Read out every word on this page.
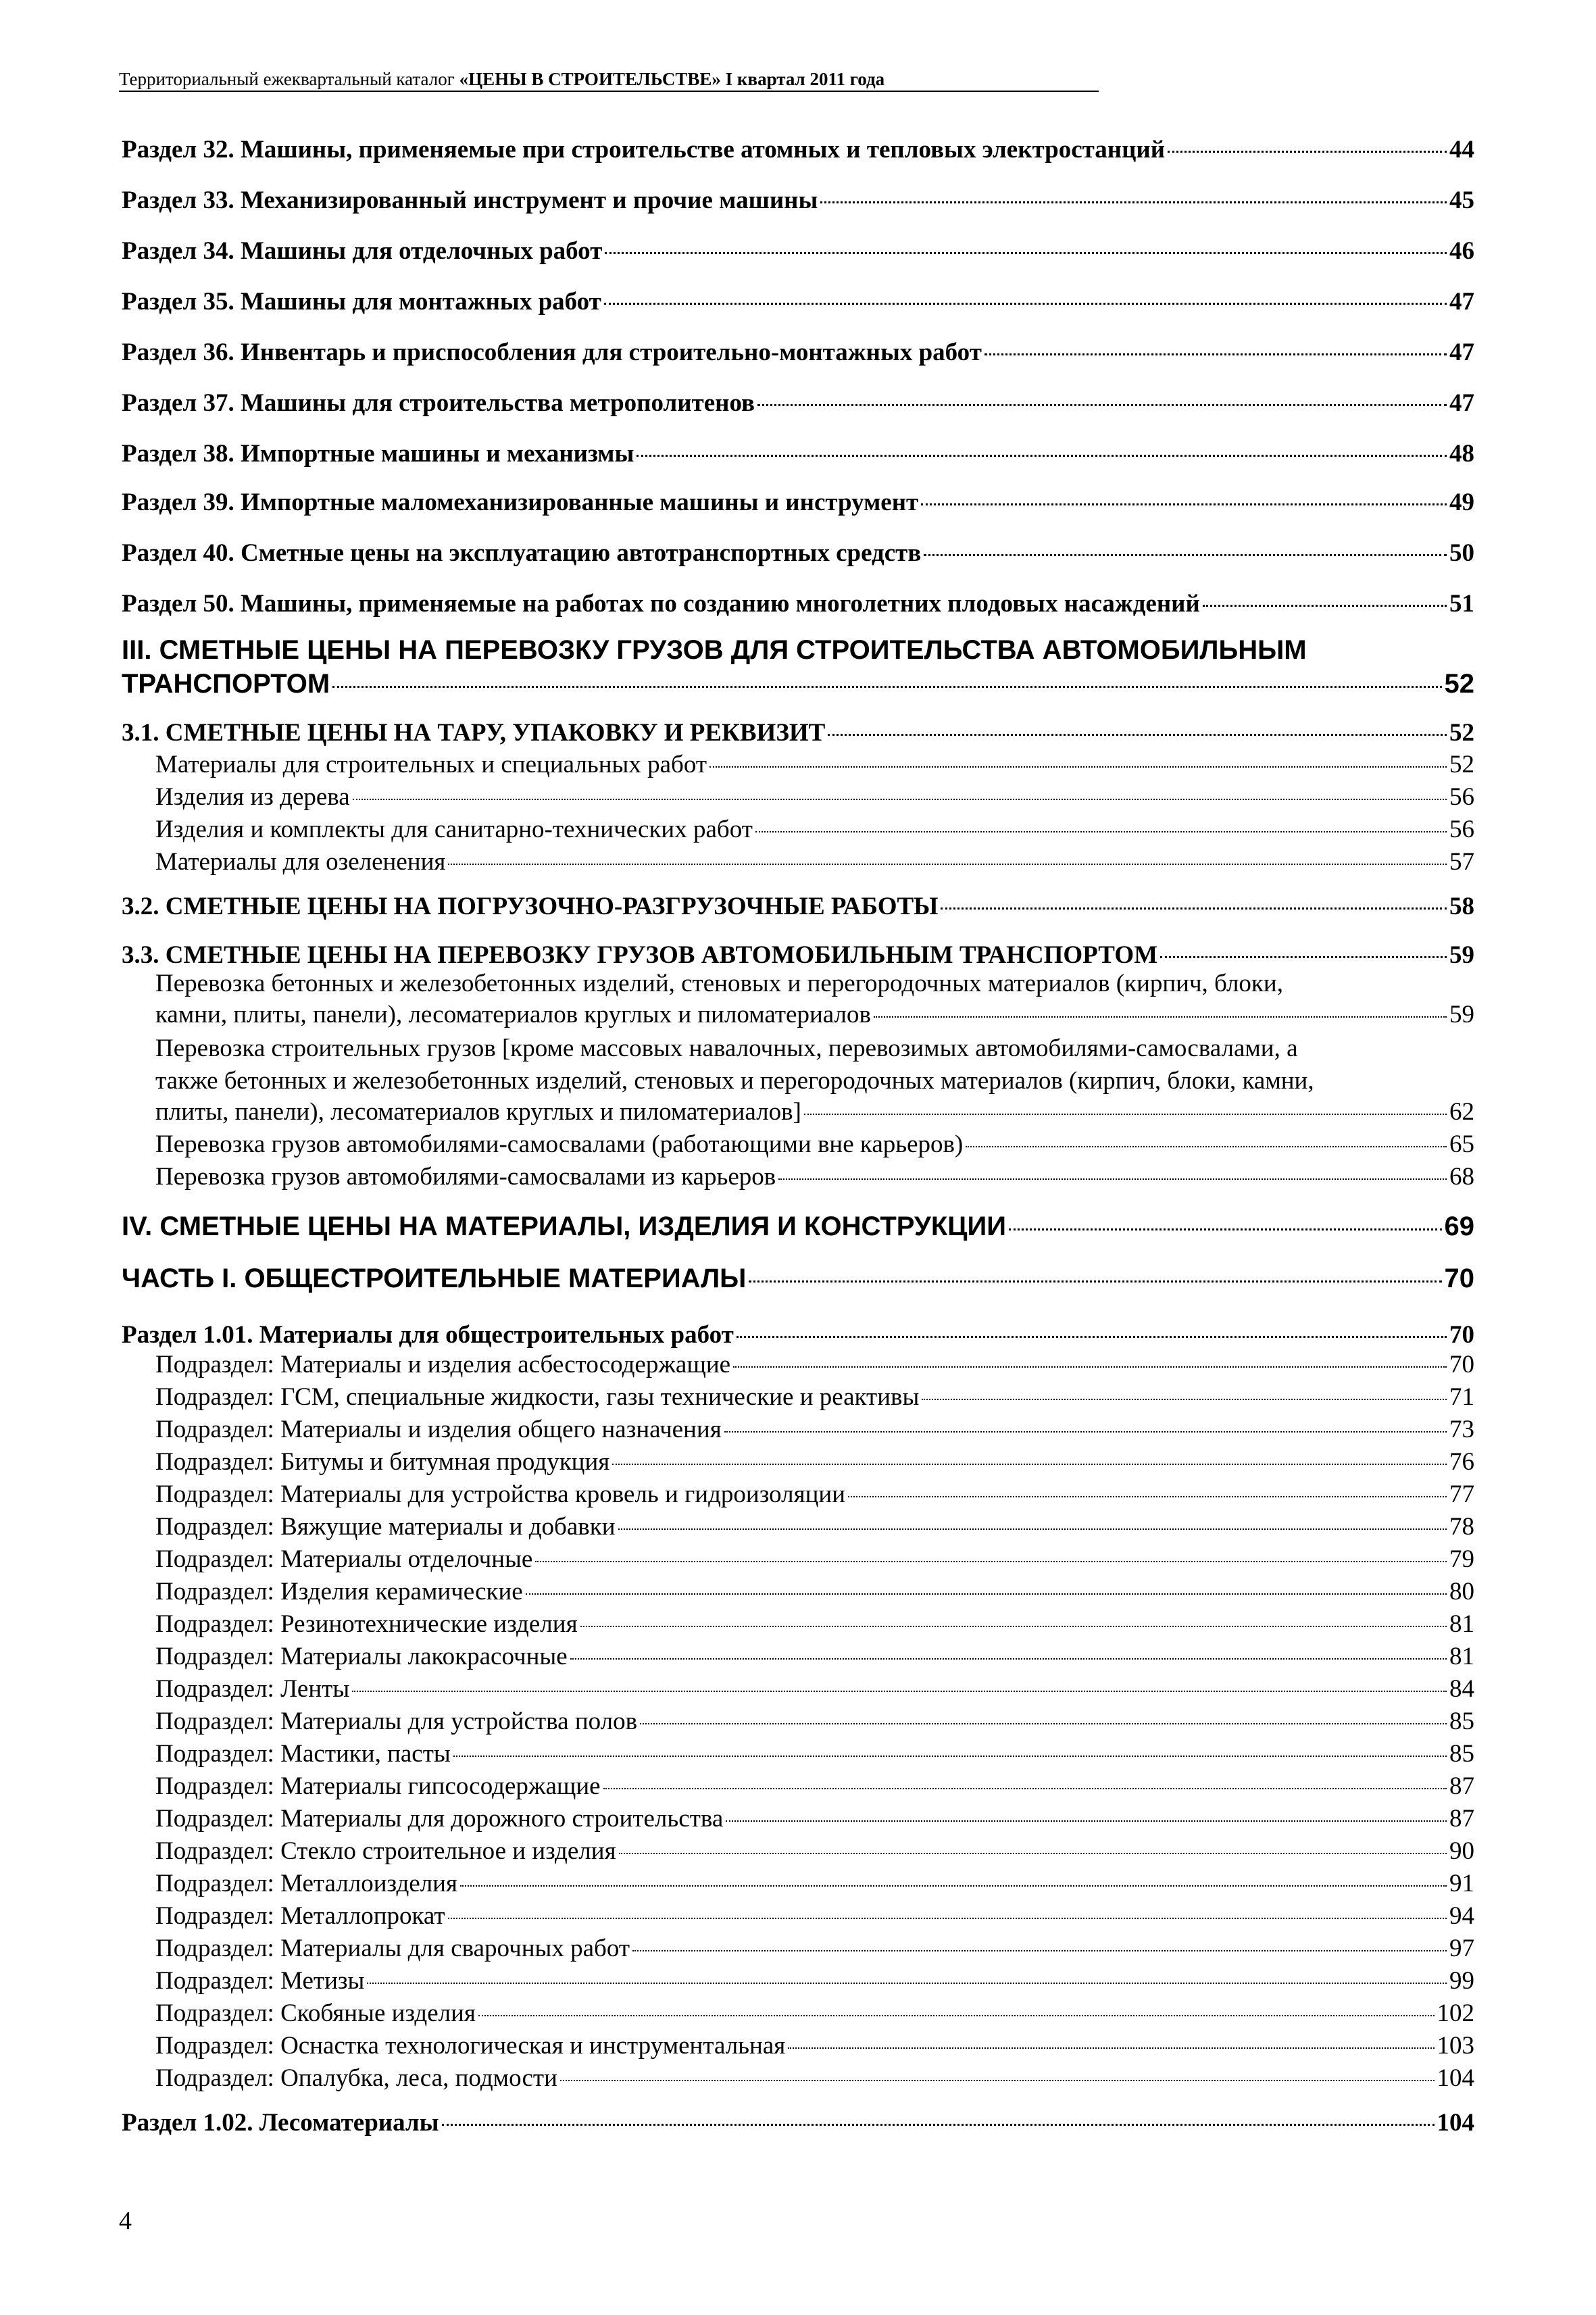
Территориальный ежеквартальный каталог «ЦЕНЫ В СТРОИТЕЛЬСТВЕ» I квартал 2011 года
Раздел 32. Машины, применяемые при строительстве атомных и тепловых электростанций	44
Раздел 33. Механизированный инструмент и прочие машины	45
Раздел 34. Машины для отделочных работ	46
Раздел 35. Машины для монтажных работ	47
Раздел 36. Инвентарь и приспособления для строительно-монтажных работ	47
Раздел 37. Машины для строительства метрополитенов	47
Раздел 38. Импортные машины и механизмы	48
Раздел 39. Импортные маломеханизированные машины и инструмент	49
Раздел 40. Сметные цены на эксплуатацию автотранспортных средств	50
Раздел 50. Машины, применяемые на работах по созданию многолетних плодовых насаждений	51
III. СМЕТНЫЕ ЦЕНЫ НА ПЕРЕВОЗКУ ГРУЗОВ ДЛЯ СТРОИТЕЛЬСТВА АВТОМОБИЛЬНЫМ
ТРАНСПОРТОМ	52
3.1. СМЕТНЫЕ ЦЕНЫ НА ТАРУ, УПАКОВКУ И РЕКВИЗИТ	52
Материалы для строительных и специальных работ	52
Изделия из дерева	56
Изделия и комплекты для санитарно-технических работ	56
Материалы для озеленения	57
3.2. СМЕТНЫЕ ЦЕНЫ НА ПОГРУЗОЧНО-РАЗГРУЗОЧНЫЕ РАБОТЫ	58
3.3. СМЕТНЫЕ ЦЕНЫ НА ПЕРЕВОЗКУ ГРУЗОВ АВТОМОБИЛЬНЫМ ТРАНСПОРТОМ	59
Перевозка бетонных и железобетонных изделий, стеновых и перегородочных материалов (кирпич, блоки,
камни, плиты, панели), лесоматериалов круглых и пиломатериалов	59
Перевозка строительных грузов [кроме массовых навалочных, перевозимых автомобилями-самосвалами, а
также бетонных и железобетонных изделий, стеновых и перегородочных материалов (кирпич, блоки, камни,
плиты, панели), лесоматериалов круглых и пиломатериалов]	62
Перевозка грузов автомобилями-самосвалами (работающими вне карьеров)	65
Перевозка грузов автомобилями-самосвалами из карьеров	68
IV. СМЕТНЫЕ ЦЕНЫ НА МАТЕРИАЛЫ, ИЗДЕЛИЯ И КОНСТРУКЦИИ	69
ЧАСТЬ I. ОБЩЕСТРОИТЕЛЬНЫЕ МАТЕРИАЛЫ	70
Раздел 1.01. Материалы для общестроительных работ	70
Подраздел: Материалы и изделия асбестосодержащие	70
Подраздел: ГСМ, специальные жидкости, газы технические и реактивы	71
Подраздел: Материалы и изделия общего назначения	73
Подраздел: Битумы и битумная продукция	76
Подраздел: Материалы для устройства кровель и гидроизоляции	77
Подраздел: Вяжущие материалы и добавки	78
Подраздел: Материалы отделочные	79
Подраздел: Изделия керамические	80
Подраздел: Резинотехнические изделия	81
Подраздел: Материалы лакокрасочные	81
Подраздел: Ленты	84
Подраздел: Материалы для устройства полов	85
Подраздел: Мастики, пасты	85
Подраздел: Материалы гипсосодержащие	87
Подраздел: Материалы для дорожного строительства	87
Подраздел: Стекло строительное и изделия	90
Подраздел: Металлоизделия	91
Подраздел: Металлопрокат	94
Подраздел: Материалы для сварочных работ	97
Подраздел: Метизы	99
Подраздел: Скобяные изделия	102
Подраздел: Оснастка технологическая и инструментальная	103
Подраздел: Опалубка, леса, подмости	104
Раздел 1.02. Лесоматериалы	104
4
